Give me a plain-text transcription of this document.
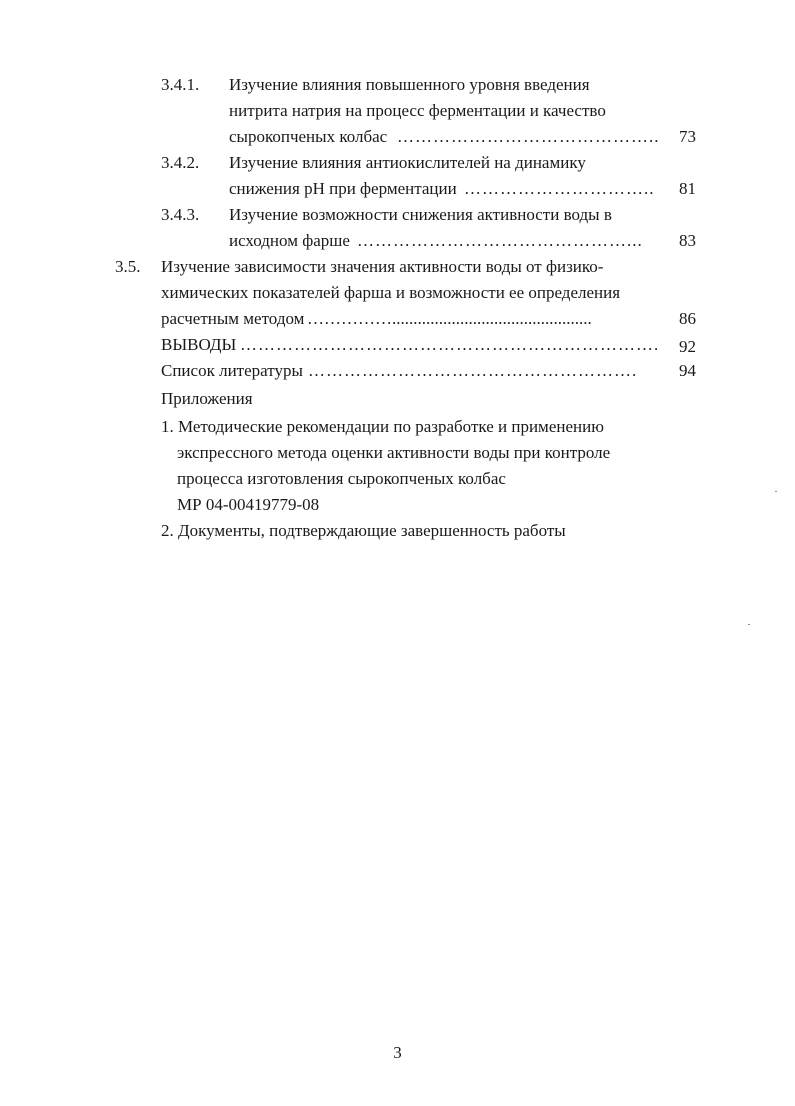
3.4.1. Изучение влияния повышенного уровня введения
нитрита натрия на процесс ферментации и качество
сырокопченых колбас …………………………………….. 73
3.4.2. Изучение влияния антиокислителей на динамику
снижения pH при ферментации ………………………….. 81
3.4.3. Изучение возможности снижения активности воды в
исходном фарше ………………………………………... 83
3.5. Изучение зависимости значения активности воды от физико-
химических показателей фарша и возможности ее определения
расчетным методом ……………...............................................	86
ВЫВОДЫ ……………………………………………………………. 92
Список литературы ………………………………………………. 94
Приложения
1. Методические рекомендации по разработке и применению
экспрессного метода оценки активности воды при контроле
процесса изготовления сырокопченых колбас
МР 04-00419779-08
2. Документы, подтверждающие завершенность работы
3
